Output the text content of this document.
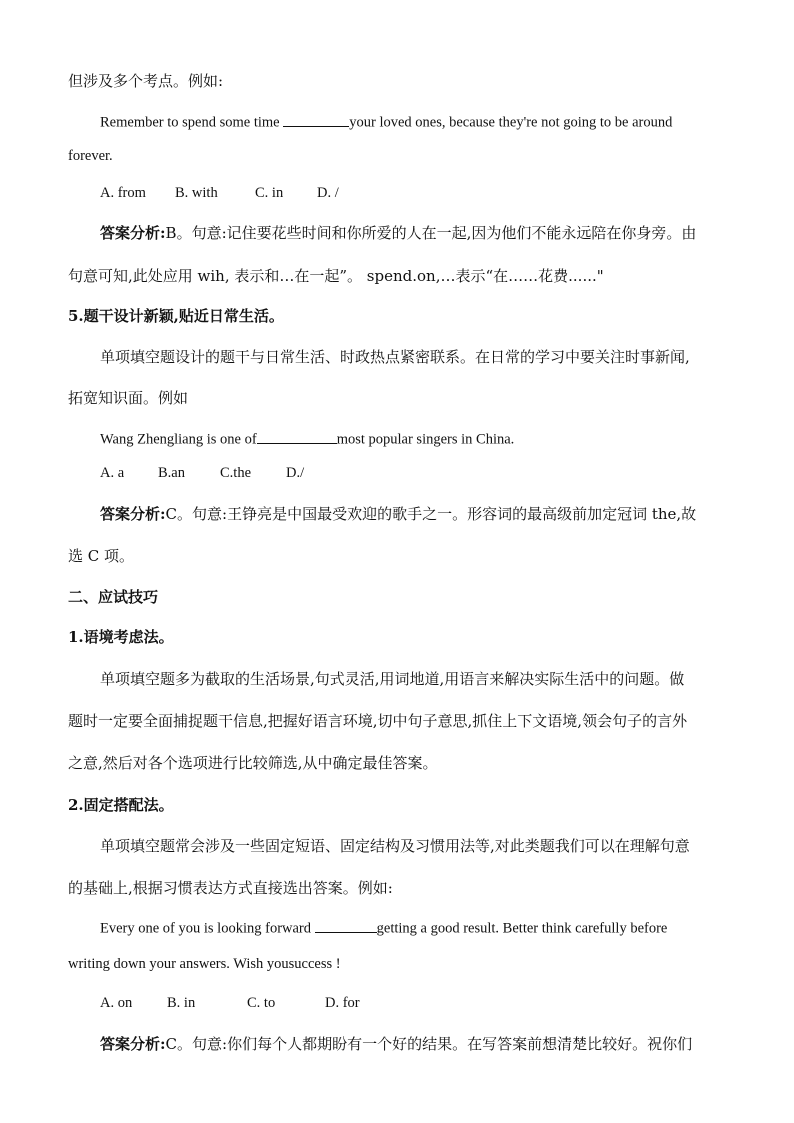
但涉及多个考点。例如:
Remember to spend some time	your loved ones, because they're not going to be around
forever.
A. from B. with	C. in D. /
答案分析:B。句意:记住要花些时间和你所爱的人在一起,因为他们不能永远陪在你身旁。由
句意可知,此处应用 wih, 表示和…在一起”。 spend.on,…表示“在……花费......"
5.题干设计新颖,贴近日常生活。
单项填空题设计的题干与日常生活、时政热点紧密联系。在日常的学习中要关注时事新闻,
拓宽知识面。例如
Wang Zhengliang is one of	most popular singers in China.
A. a B.an C.the D./
答案分析:C。句意:王铮亮是中国最受欢迎的歌手之一。形容词的最高级前加定冠词 the,故
选 C 项。
二、应试技巧
1.语境考虑法。
单项填空题多为截取的生活场景,句式灵活,用词地道,用语言来解决实际生活中的问题。做
题时一定要全面捕捉题干信息,把握好语言环境,切中句子意思,抓住上下文语境,领会句子的言外
之意,然后对各个选项进行比较筛选,从中确定最佳答案。
2.固定搭配法。
单项填空题常会涉及一些固定短语、固定结构及习惯用法等,对此类题我们可以在理解句意
的基础上,根据习惯表达方式直接选出答案。例如:
Every one of you is looking forward	getting a good result. Better think carefully before
writing down your answers. Wish yousuccess !
A. on B. in	C. to	D. for
答案分析:C。句意:你们每个人都期盼有一个好的结果。在写答案前想清楚比较好。祝你们
